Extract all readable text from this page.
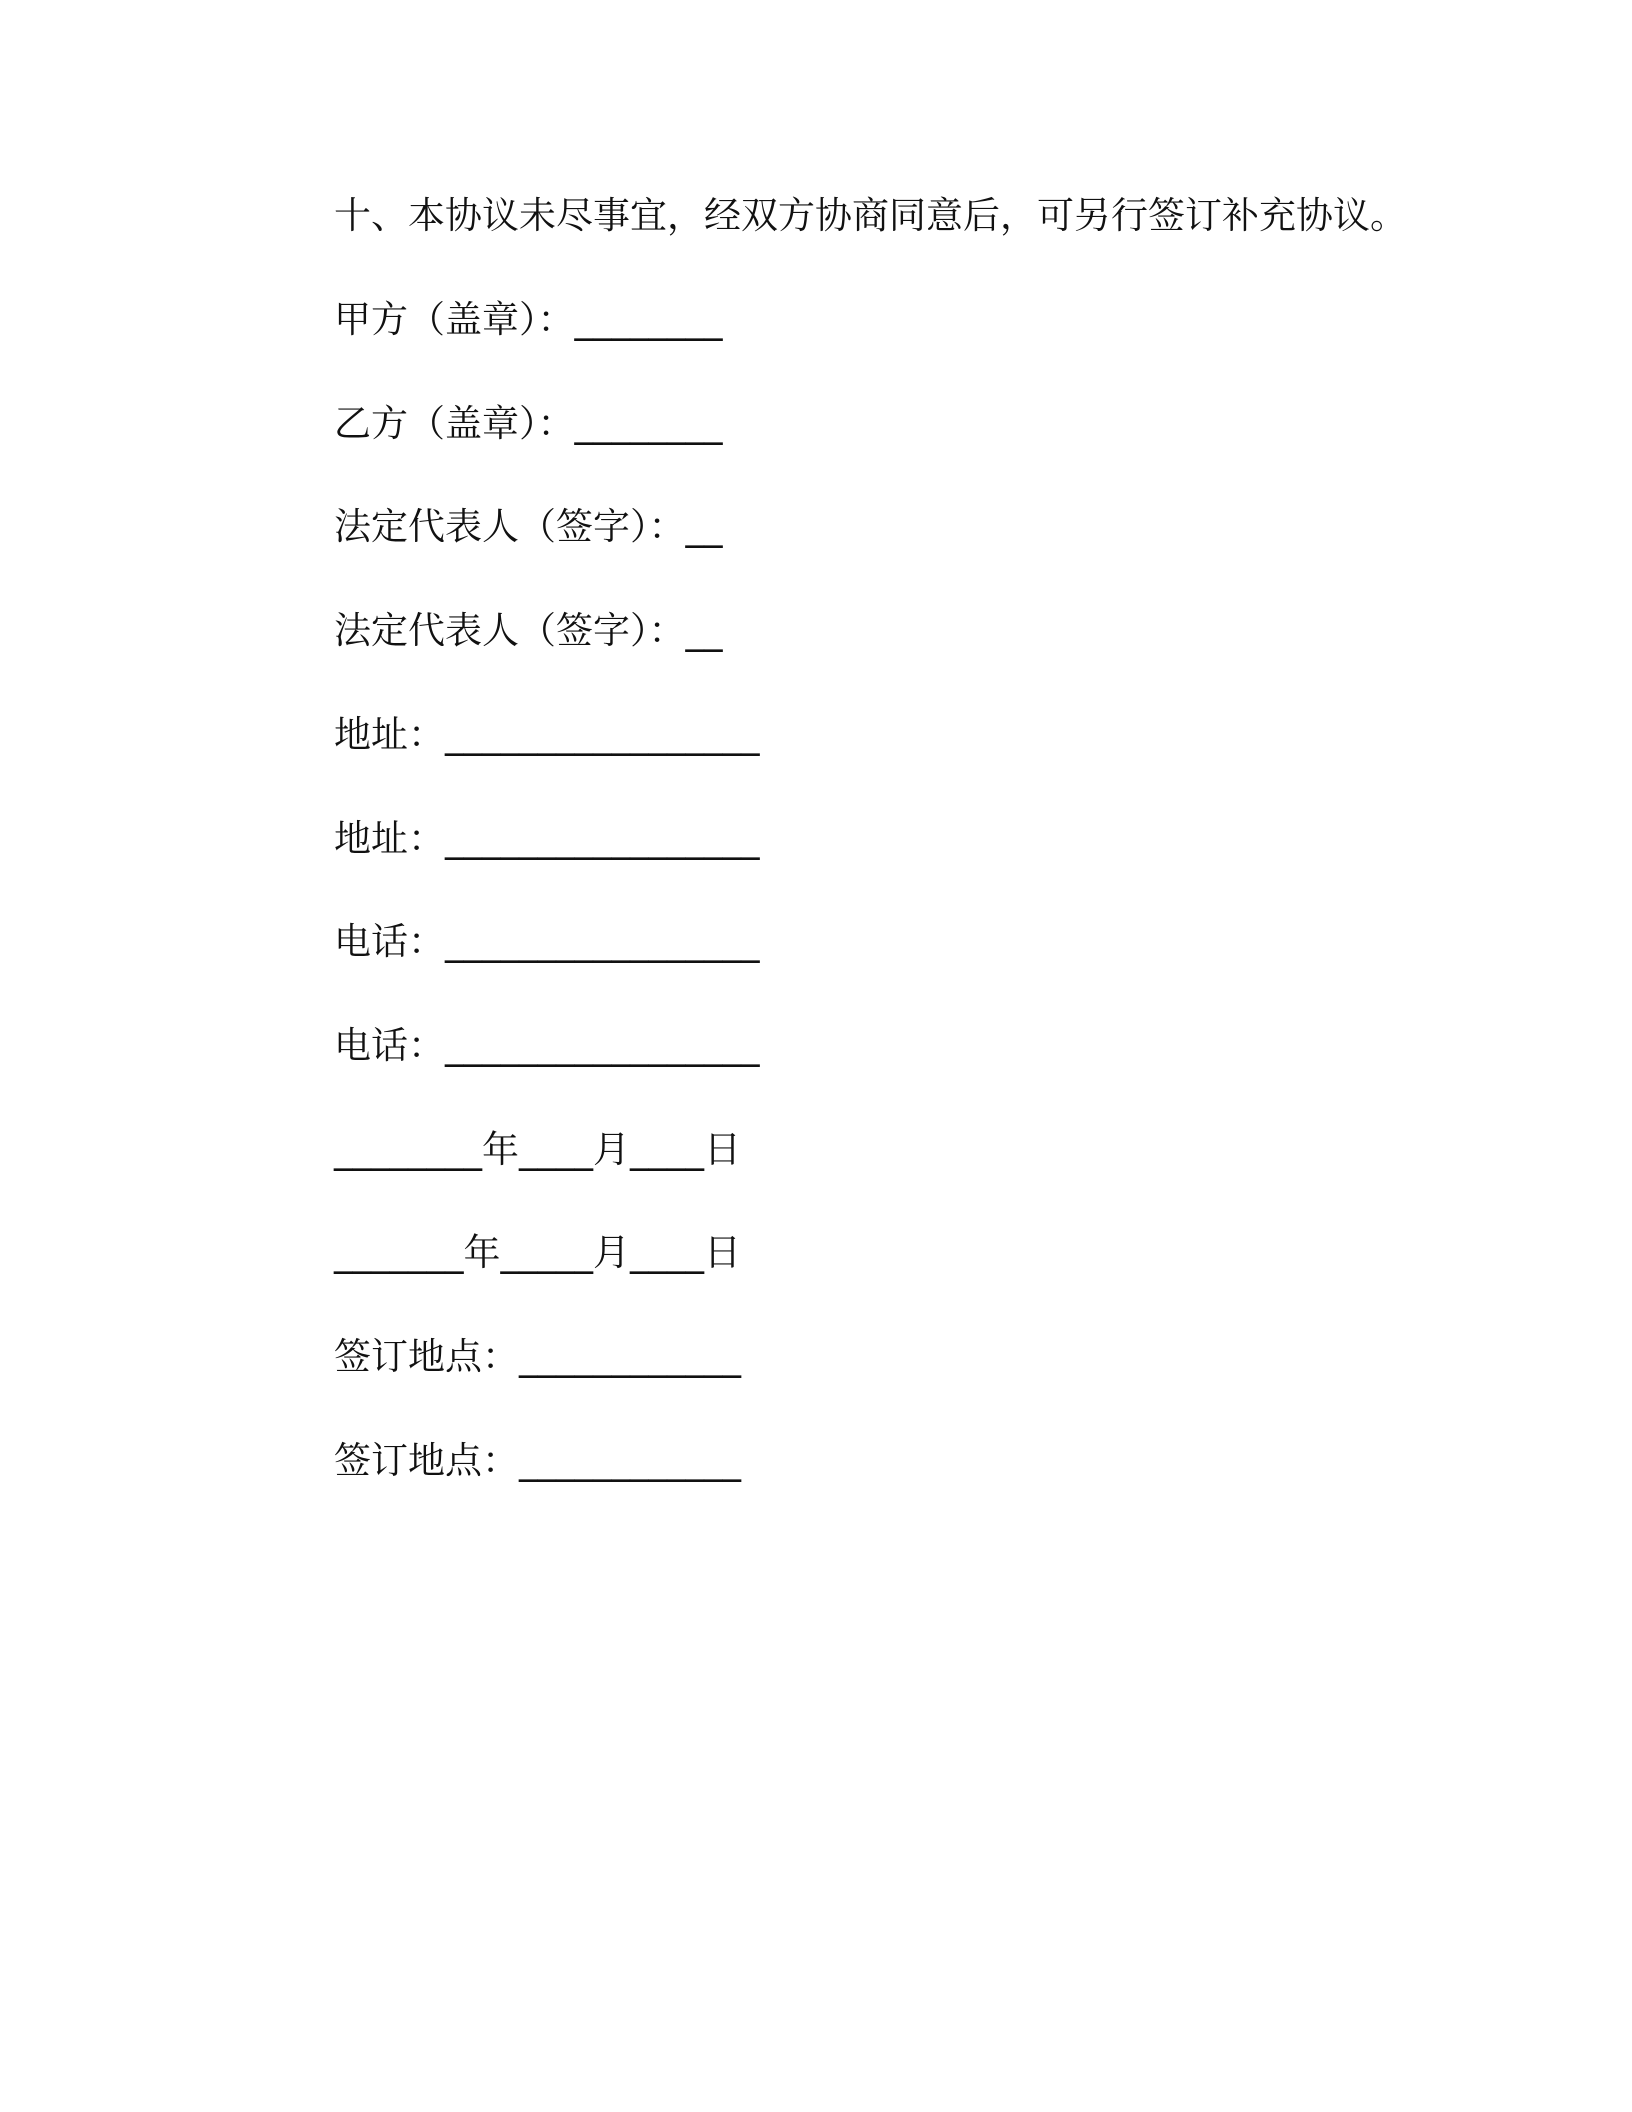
十、本协议未尽事宜，经双方协商同意后，可另行签订补充协议。
甲方（盖章）：________
乙方（盖章）：________
法定代表人（签字）：__
法定代表人（签字）：__
地址：_________________
地址：_________________
电话：_________________
电话：_________________
________年____月____日
_______年_____月____日
签订地点：____________
签订地点：____________
